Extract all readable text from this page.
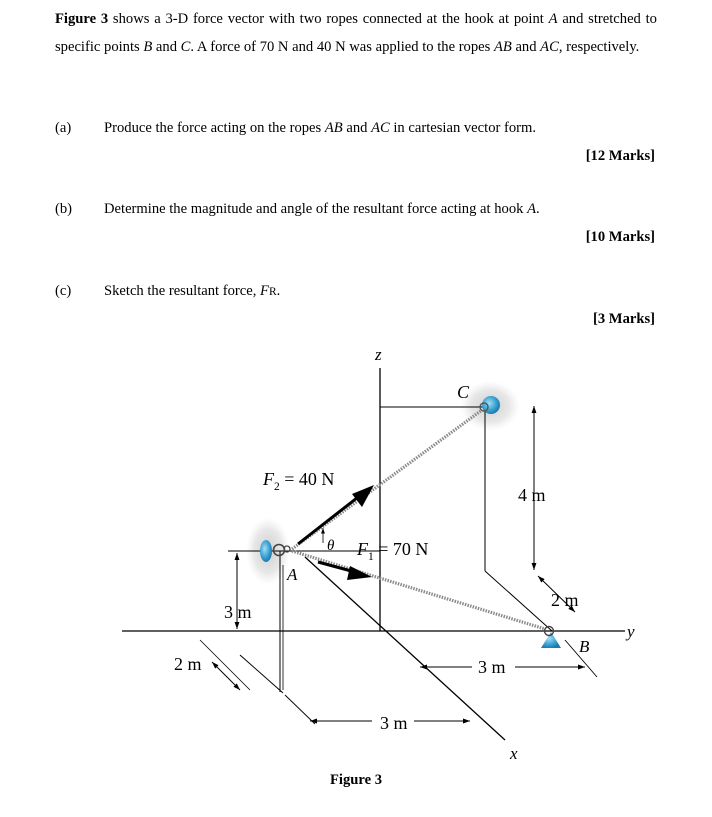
Figure 3 shows a 3-D force vector with two ropes connected at the hook at point A and stretched to specific points B and C. A force of 70 N and 40 N was applied to the ropes AB and AC, respectively.
(a) Produce the force acting on the ropes AB and AC in cartesian vector form.
[12 Marks]
(b) Determine the magnitude and angle of the resultant force acting at hook A.
[10 Marks]
(c) Sketch the resultant force, FR.
[3 Marks]
z
y
x
C
A
B
θ
$F_2 = 40$ N
$F_1 = 70$ N
4 m
2 m
3 m
2 m	3 m
3 m
Figure 3
